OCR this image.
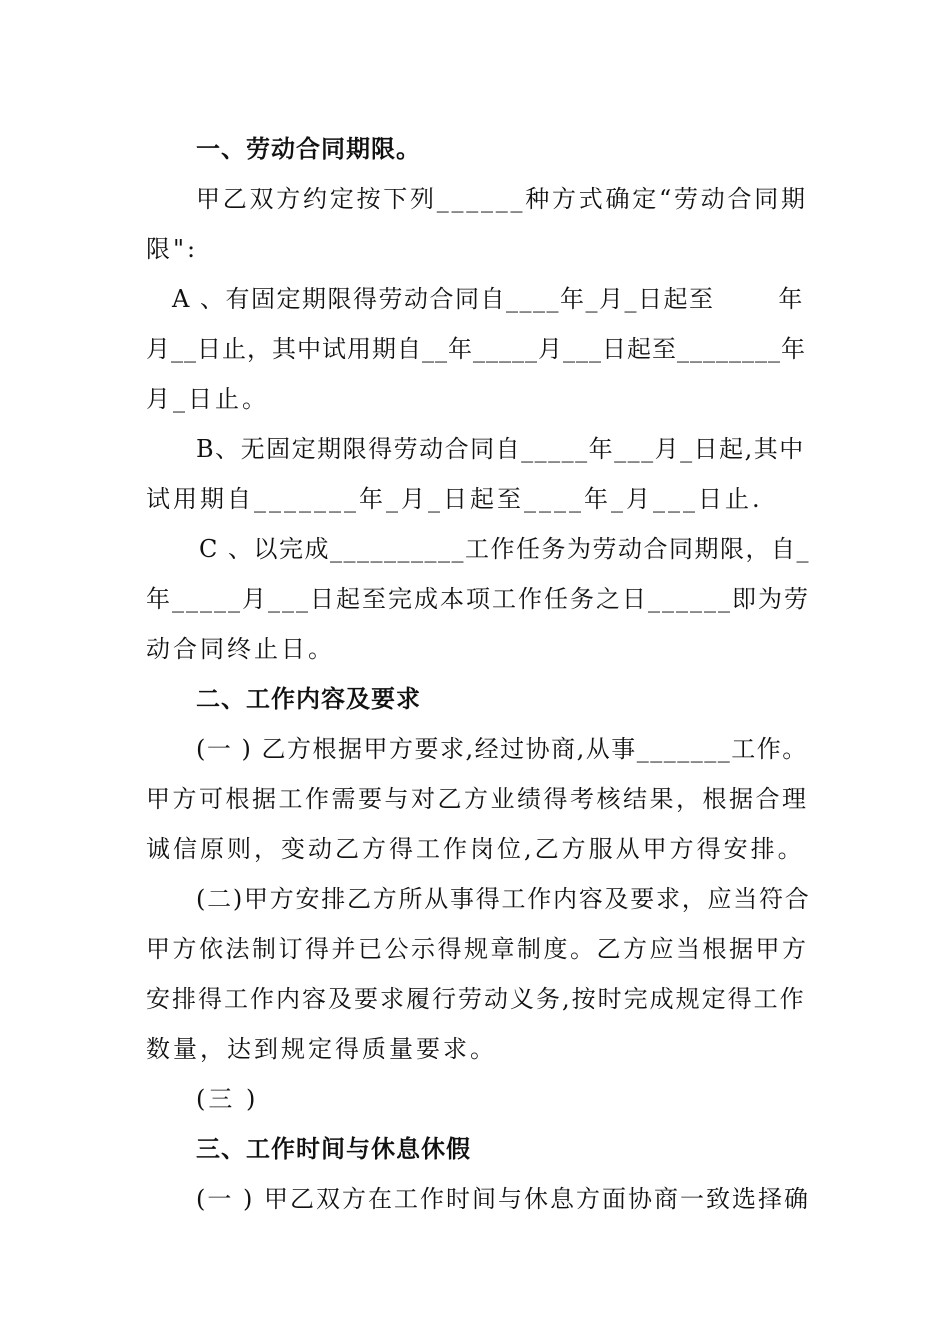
一、劳动合同期限。
甲乙双方约定按下列______种方式确定“劳动合同期
限":
A 、有固定期限得劳动合同自____年_月_日起至       年
月__日止，其中试用期自__年_____月___日起至________年
月_日止。
B、无固定期限得劳动合同自_____年___月_日起,其中
试用期自_______年_月_日起至____年_月___日止.
C 、以完成__________工作任务为劳动合同期限，自_
年_____月___日起至完成本项工作任务之日______即为劳
动合同终止日。
二、工作内容及要求
(一 ) 乙方根据甲方要求,经过协商,从事_______工作。
甲方可根据工作需要与对乙方业绩得考核结果，根据合理
诚信原则，变动乙方得工作岗位,乙方服从甲方得安排。
(二)甲方安排乙方所从事得工作内容及要求，应当符合
甲方依法制订得并已公示得规章制度。乙方应当根据甲方
安排得工作内容及要求履行劳动义务,按时完成规定得工作
数量，达到规定得质量要求。
(三 )
三、工作时间与休息休假
(一 ) 甲乙双方在工作时间与休息方面协商一致选择确
